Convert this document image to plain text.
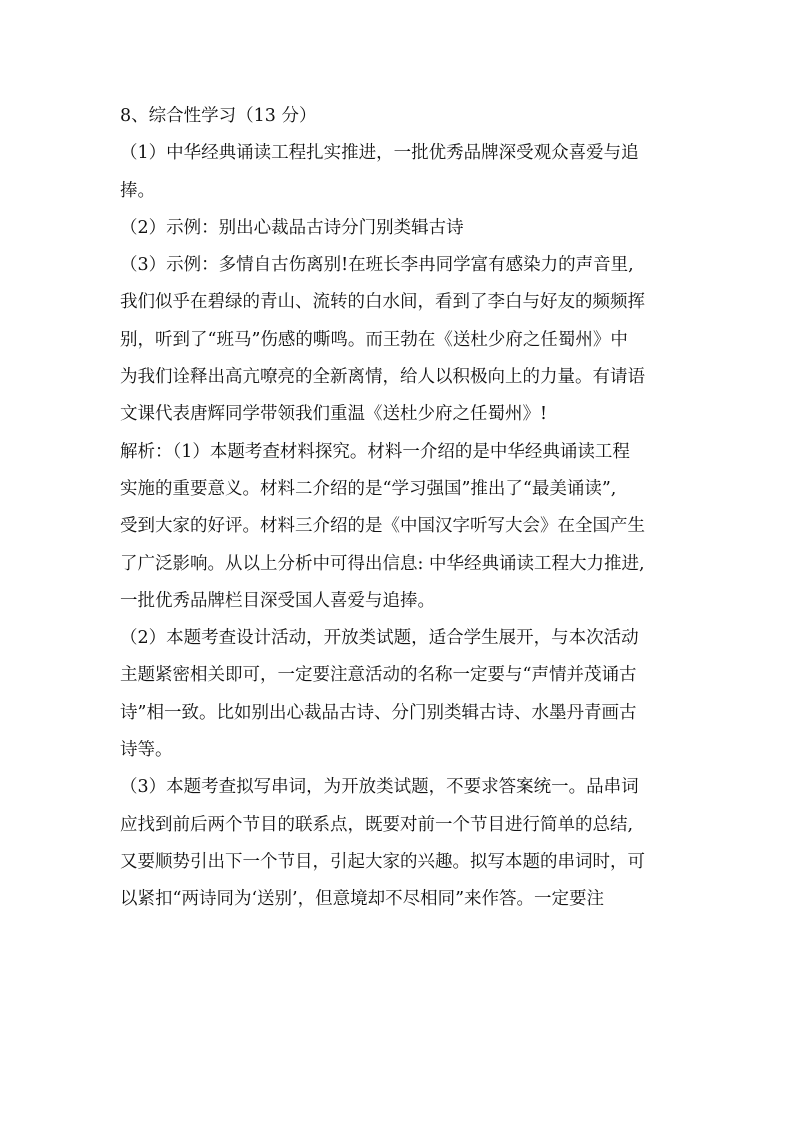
8、综合性学习（13 分）
（1）中华经典诵读工程扎实推进，一批优秀品牌深受观众喜爱与追
捧。
（2）示例：别出心裁品古诗分门别类辑古诗
（3）示例：多情自古伤离别!在班长李冉同学富有感染力的声音里,
我们似乎在碧绿的青山、流转的白水间，看到了李白与好友的频频挥
别，听到了“班马”伤感的嘶鸣。而王勃在《送杜少府之任蜀州》中
为我们诠释出高亢嘹亮的全新离情，给人以积极向上的力量。有请语
文课代表唐辉同学带领我们重温《送杜少府之任蜀州》!
解析：（1）本题考查材料探究。材料一介绍的是中华经典诵读工程
实施的重要意义。材料二介绍的是“学习强国”推出了“最美诵读”,
受到大家的好评。材料三介绍的是《中国汉字听写大会》在全国产生
了广泛影响。从以上分析中可得出信息: 中华经典诵读工程大力推进,
一批优秀品牌栏目深受国人喜爱与追捧。
（2）本题考查设计活动，开放类试题，适合学生展开，与本次活动
主题紧密相关即可，一定要注意活动的名称一定要与“声情并茂诵古
诗”相一致。比如别出心裁品古诗、分门别类辑古诗、水墨丹青画古
诗等。
（3）本题考查拟写串词，为开放类试题，不要求答案统一。品串词
应找到前后两个节目的联系点，既要对前一个节目进行简单的总结,
又要顺势引出下一个节目，引起大家的兴趣。拟写本题的串词时，可
以紧扣“两诗同为‘送别’，但意境却不尽相同”来作答。一定要注
